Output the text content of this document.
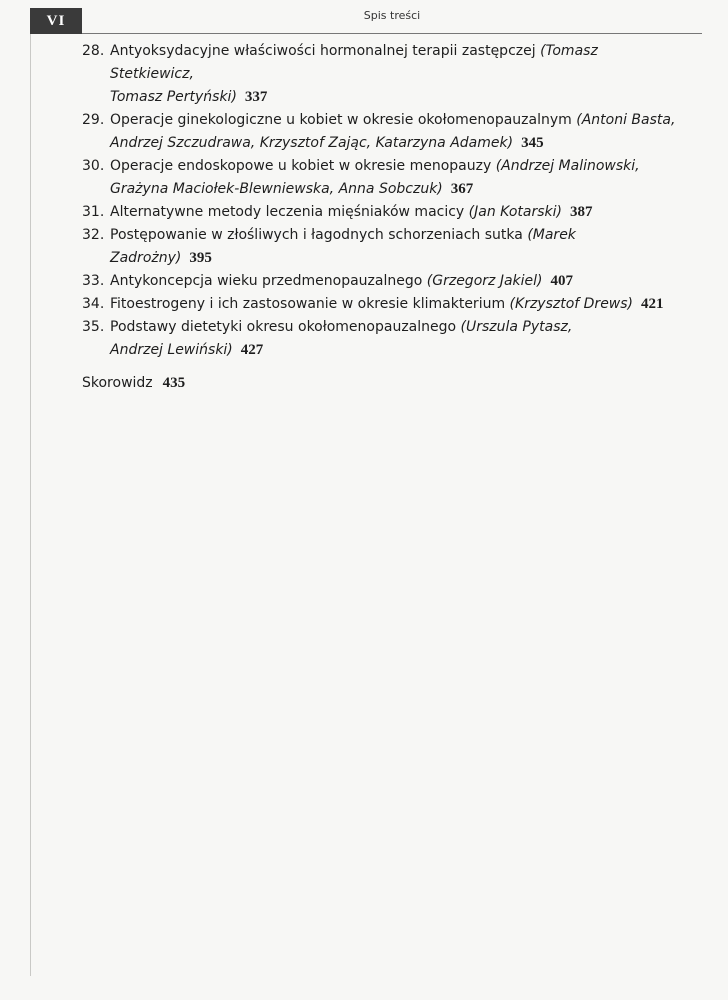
VI	Spis treści
28. Antyoksydacyjne właściwości hormonalnej terapii zastępczej (Tomasz Stetkiewicz,
Tomasz Pertyński) 337
29. Operacje ginekologiczne u kobiet w okresie okołomenopauzalnym (Antoni Basta,
Andrzej Szczudrawa, Krzysztof Zając, Katarzyna Adamek) 345
30. Operacje endoskopowe u kobiet w okresie menopauzy (Andrzej Malinowski,
Grażyna Maciołek-Blewniewska, Anna Sobczuk) 367
31. Alternatywne metody leczenia mięśniaków macicy (Jan Kotarski) 387
32. Postępowanie w złośliwych i łagodnych schorzeniach sutka (Marek Zadrożny) 395
33. Antykoncepcja wieku przedmenopauzalnego (Grzegorz Jakiel) 407
34. Fitoestrogeny i ich zastosowanie w okresie klimakterium (Krzysztof Drews) 421
35. Podstawy dietetyki okresu okołomenopauzalnego (Urszula Pytasz,
Andrzej Lewiński) 427
Skorowidz 435
